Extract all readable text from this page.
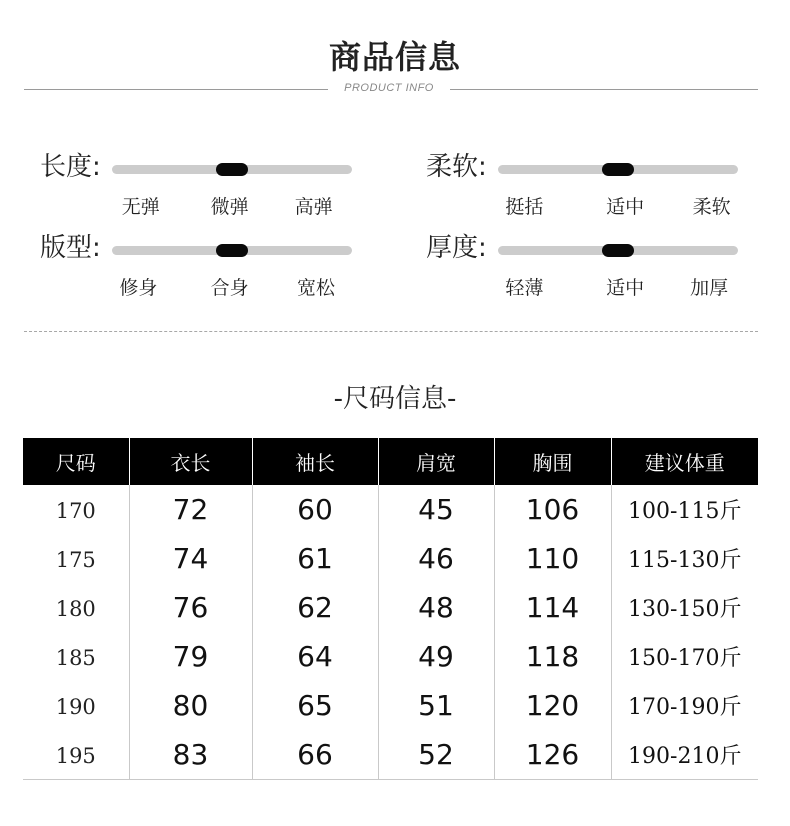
商品信息
PRODUCT INFO
长度:
无弹	微弹 高弹
柔软:
挺括	适中	柔软
版型:
修身	合身	宽松
厚度:
轻薄	适中 加厚
-尺码信息-
尺码	衣长	袖长	肩宽	胸围	建议体重
170	72	60	45	106	100-115斤
175	74	61	46	110	115-130斤
180	76	62	48	114	130-150斤
185	79	64	49	118	150-170斤
190	80	65	51	120	170-190斤
195	83	66	52	126	190-210斤
